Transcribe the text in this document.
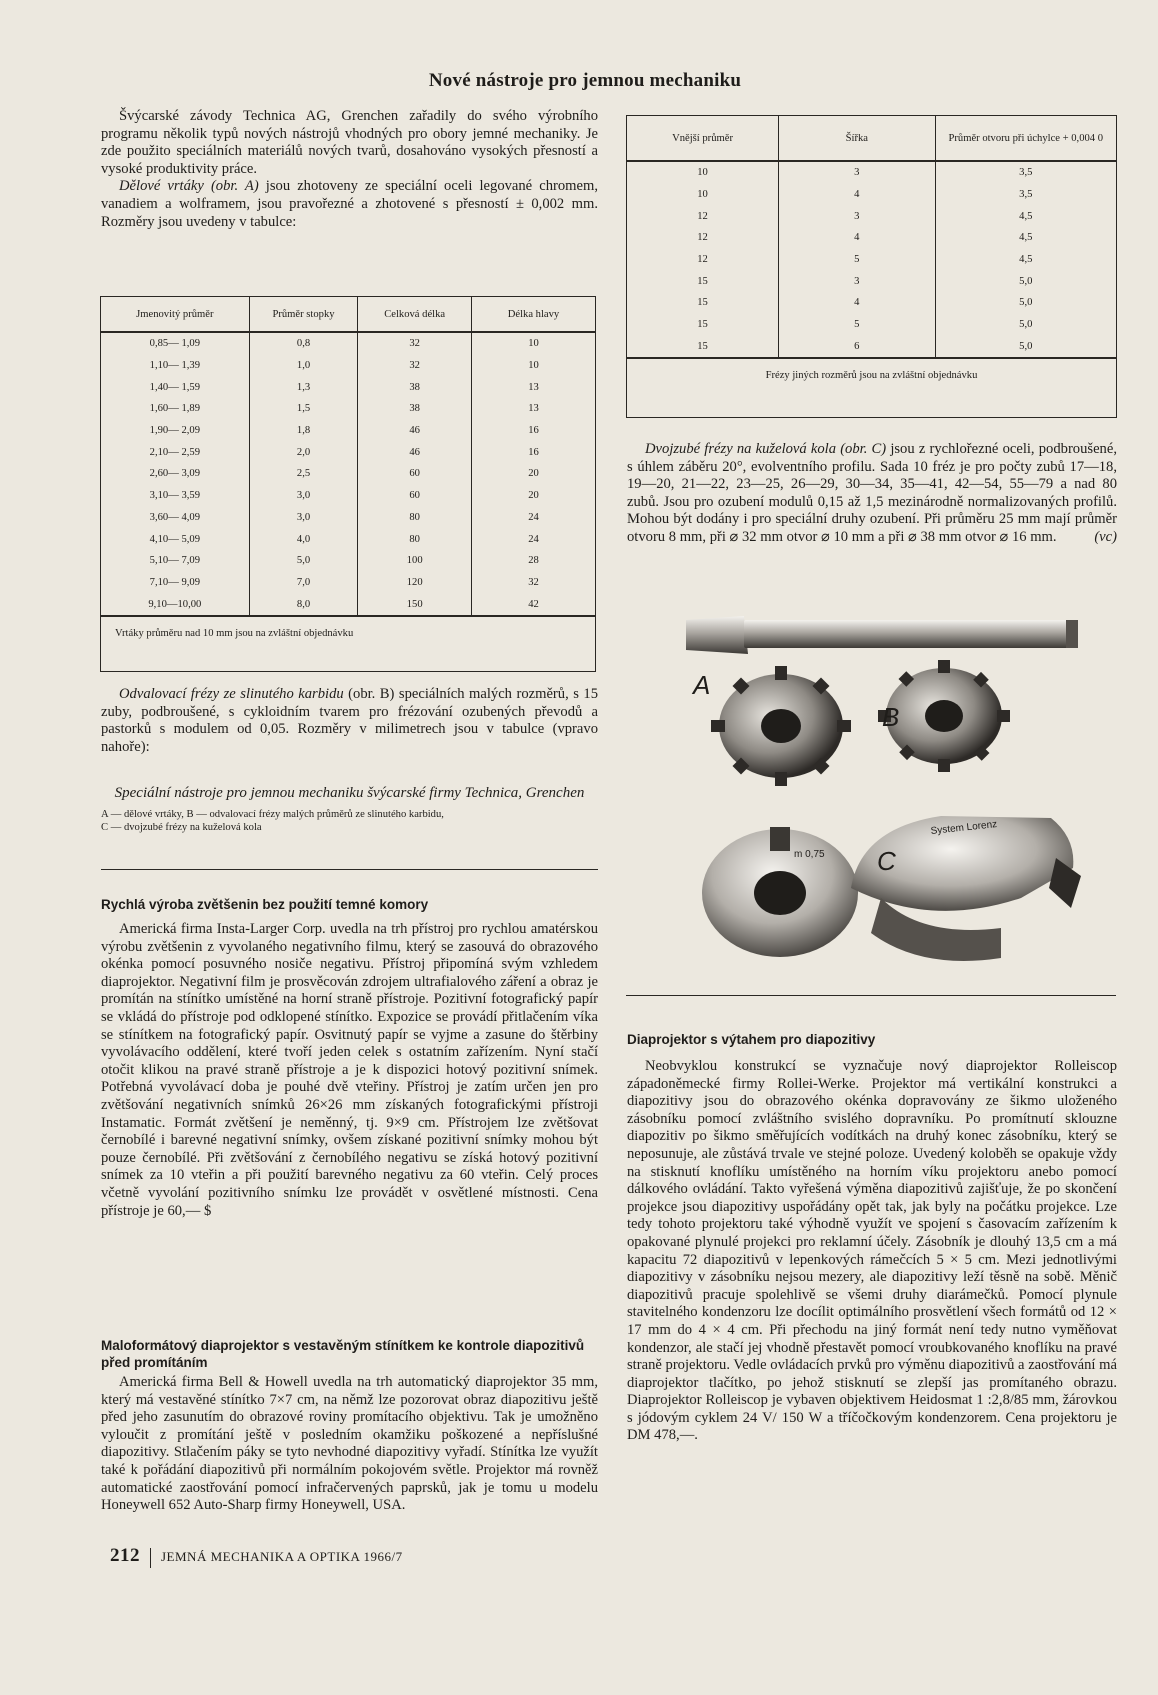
Nové nástroje pro jemnou mechaniku

Švýcarské závody Technica AG, Grenchen zařadily do svého výrobního programu několik typů nových nástrojů vhodných pro obory jemné mechaniky. Je zde použito speciálních materiálů nových tvarů, dosahováno vysokých přesností a vysoké produktivity práce.

Dělové vrtáky (obr. A) jsou zhotoveny ze speciální oceli legované chromem, vanadiem a wolframem, jsou pravořezné a zhotovené s přesností ± 0,002 mm. Rozměry jsou uvedeny v tabulce:

Jmenovitý průměr	Průměr stopky	Celková délka	Délka hlavy
0,85— 1,09	0,8	32	10
1,10— 1,39	1,0	32	10
1,40— 1,59	1,3	38	13
1,60— 1,89	1,5	38	13
1,90— 2,09	1,8	46	16
2,10— 2,59	2,0	46	16
2,60— 3,09	2,5	60	20
3,10— 3,59	3,0	60	20
3,60— 4,09	3,0	80	24
4,10— 5,09	4,0	80	24
5,10— 7,09	5,0	100	28
7,10— 9,09	7,0	120	32
9,10—10,00	8,0	150	42
Vrtáky průměru nad 10 mm jsou na zvláštní objednávku			

Odvalovací frézy ze slinutého karbidu (obr. B) speciálních malých rozměrů, s 15 zuby, podbroušené, s cykloidním tvarem pro frézování ozubených převodů a pastorků s modulem od 0,05. Rozměry v milimetrech jsou v tabulce (vpravo nahoře):

Speciální nástroje pro jemnou mechaniku švýcarské firmy Technica, Grenchen
A — dělové vrtáky, B — odvalovací frézy malých průměrů ze slinutého karbidu,
C — dvojzubé frézy na kuželová kola
Rychlá výroba zvětšenin bez použití temné komory

Americká firma Insta-Larger Corp. uvedla na trh přístroj pro rychlou amatérskou výrobu zvětšenin z vyvolaného negativního filmu, který se zasouvá do obrazového okénka pomocí posuvného nosiče negativu. Přístroj připomíná svým vzhledem diaprojektor. Negativní film je prosvěcován zdrojem ultrafialového záření a obraz je promítán na stínítko umístěné na horní straně přístroje. Pozitivní fotografický papír se vkládá do přístroje pod odklopené stínítko. Expozice se provádí přitlačením víka se stínítkem na fotografický papír. Osvitnutý papír se vyjme a zasune do štěrbiny vyvolávacího oddělení, které tvoří jeden celek s ostatním zařízením. Nyní stačí otočit klikou na pravé straně přístroje a je k dispozici hotový pozitivní snímek. Potřebná vyvolávací doba je pouhé dvě vteřiny. Přístroj je zatím určen jen pro zvětšování negativních snímků 26×26 mm získaných fotografickými přístroji Instamatic. Formát zvětšení je neměnný, tj. 9×9 cm. Přístrojem lze zvětšovat černobílé i barevné negativní snímky, ovšem získané pozitivní snímky mohou být pouze černobílé. Při zvětšování z černobílého negativu se získá hotový pozitivní snímek za 10 vteřin a při použití barevného negativu za 60 vteřin. Celý proces včetně vyvolání pozitivního snímku lze provádět v osvětlené místnosti. Cena přístroje je 60,— $

Maloformátový diaprojektor s vestavěným stínítkem ke kontrole diapozitivů před promítáním

Americká firma Bell & Howell uvedla na trh automatický diaprojektor 35 mm, který má vestavěné stínítko 7×7 cm, na němž lze pozorovat obraz diapozitivu ještě před jeho zasunutím do obrazové roviny promítacího objektivu. Tak je umožněno vyloučit z promítání ještě v posledním okamžiku poškozené a nepříslušné diapozitivy. Stlačením páky se tyto nevhodné diapozitivy vyřadí. Stínítka lze využít také k pořádání diapozitivů při normálním pokojovém světle. Projektor má rovněž automatické zaostřování pomocí infračervených paprsků, jak je tomu u modelu Honeywell 652 Auto-Sharp firmy Honeywell, USA.

Vnější průměr	Šířka	Průměr otvoru při úchylce + 0,004 0
10	3	3,5
10	4	3,5
12	3	4,5
12	4	4,5
12	5	4,5
15	3	5,0
15	4	5,0
15	5	5,0
15	6	5,0
Frézy jiných rozměrů jsou na zvláštní objednávku		

Dvojzubé frézy na kuželová kola (obr. C) jsou z rychlořezné oceli, podbroušené, s úhlem záběru 20°, evolventního profilu. Sada 10 fréz je pro počty zubů 17—18, 19—20, 21—22, 23—25, 26—29, 30—34, 35—41, 42—54, 55—79 a nad 80 zubů. Jsou pro ozubení modulů 0,15 až 1,5 mezinárodně normalizovaných profilů. Mohou být dodány i pro speciální druhy ozubení. Při průměru 25 mm mají průměr otvoru 8 mm, při ⌀ 32 mm otvor ⌀ 10 mm a při ⌀ 38 mm otvor ⌀ 16 mm.	(vc)

m 0,75
System Lorenz
A
B
C
Diaprojektor s výtahem pro diapozitivy

Neobvyklou konstrukcí se vyznačuje nový diaprojektor Rolleiscop západoněmecké firmy Rollei-Werke. Projektor má vertikální konstrukci a diapozitivy jsou do obrazového okénka dopravovány ze šikmo uloženého zásobníku pomocí zvláštního svislého dopravníku. Po promítnutí sklouzne diapozitiv po šikmo směřujících vodítkách na druhý konec zásobníku, který se neposunuje, ale zůstává trvale ve stejné poloze. Uvedený koloběh se opakuje vždy na stisknutí knoflíku umístěného na horním víku projektoru anebo pomocí dálkového ovládání. Takto vyřešená výměna diapozitivů zajišťuje, že po skončení projekce jsou diapozitivy uspořádány opět tak, jak byly na počátku projekce. Lze tedy tohoto projektoru také výhodně využít ve spojení s časovacím zařízením k opakované plynulé projekci pro reklamní účely. Zásobník je dlouhý 13,5 cm a má kapacitu 72 diapozitivů v lepenkových rámečcích 5 × 5 cm. Mezi jednotlivými diapozitivy v zásobníku nejsou mezery, ale diapozitivy leží těsně na sobě. Měnič diapozitivů pracuje spolehlivě se všemi druhy diarámečků. Pomocí plynule stavitelného kondenzoru lze docílit optimálního prosvětlení všech formátů od 12 × 17 mm do 4 × 4 cm. Při přechodu na jiný formát není tedy nutno vyměňovat kondenzor, ale stačí jej vhodně přestavět pomocí vroubkovaného knoflíku na pravé straně projektoru. Vedle ovládacích prvků pro výměnu diapozitivů a zaostřování má diaprojektor tlačítko, po jehož stisknutí se zlepší jas promítaného obrazu. Diaprojektor Rolleiscop je vybaven objektivem Heidosmat 1 :2,8/85 mm, žárovkou s jódovým cyklem 24 V/ 150 W a tříčočkovým kondenzorem. Cena projektoru je DM 478,—.

212 JEMNÁ MECHANIKA A OPTIKA 1966/7
